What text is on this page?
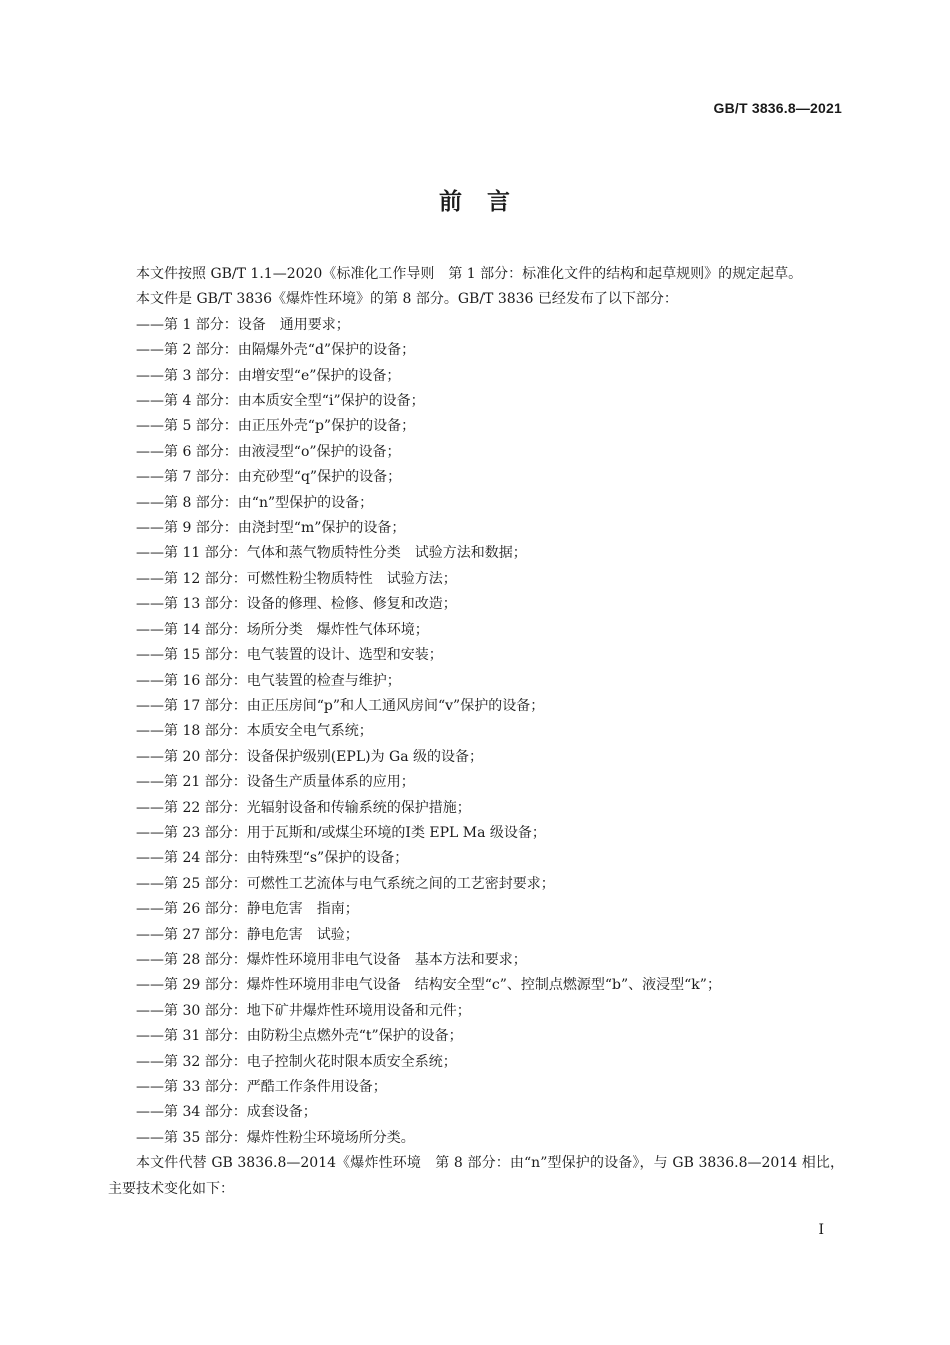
GB/T 3836.8—2021
前　言

本文件按照 GB/T 1.1—2020《标准化工作导则　第 1 部分：标准化文件的结构和起草规则》的规定起草。

本文件是 GB/T 3836《爆炸性环境》的第 8 部分。GB/T 3836 已经发布了以下部分：

——第 1 部分：设备　通用要求；
——第 2 部分：由隔爆外壳“d”保护的设备；
——第 3 部分：由增安型“e”保护的设备；
——第 4 部分：由本质安全型“i”保护的设备；
——第 5 部分：由正压外壳“p”保护的设备；
——第 6 部分：由液浸型“o”保护的设备；
——第 7 部分：由充砂型“q”保护的设备；
——第 8 部分：由“n”型保护的设备；
——第 9 部分：由浇封型“m”保护的设备；
——第 11 部分：气体和蒸气物质特性分类　试验方法和数据；
——第 12 部分：可燃性粉尘物质特性　试验方法；
——第 13 部分：设备的修理、检修、修复和改造；
——第 14 部分：场所分类　爆炸性气体环境；
——第 15 部分：电气装置的设计、选型和安装；
——第 16 部分：电气装置的检查与维护；
——第 17 部分：由正压房间“p”和人工通风房间“v”保护的设备；
——第 18 部分：本质安全电气系统；
——第 20 部分：设备保护级别(EPL)为 Ga 级的设备；
——第 21 部分：设备生产质量体系的应用；
——第 22 部分：光辐射设备和传输系统的保护措施；
——第 23 部分：用于瓦斯和/或煤尘环境的Ⅰ类 EPL Ma 级设备；
——第 24 部分：由特殊型“s”保护的设备；
——第 25 部分：可燃性工艺流体与电气系统之间的工艺密封要求；
——第 26 部分：静电危害　指南；
——第 27 部分：静电危害　试验；
——第 28 部分：爆炸性环境用非电气设备　基本方法和要求；
——第 29 部分：爆炸性环境用非电气设备　结构安全型“c”、控制点燃源型“b”、液浸型“k”；
——第 30 部分：地下矿井爆炸性环境用设备和元件；
——第 31 部分：由防粉尘点燃外壳“t”保护的设备；
——第 32 部分：电子控制火花时限本质安全系统；
——第 33 部分：严酷工作条件用设备；
——第 34 部分：成套设备；
——第 35 部分：爆炸性粉尘环境场所分类。

本文件代替 GB 3836.8—2014《爆炸性环境　第 8 部分：由“n”型保护的设备》，与 GB 3836.8—2014 相比，主要技术变化如下：

Ⅰ
